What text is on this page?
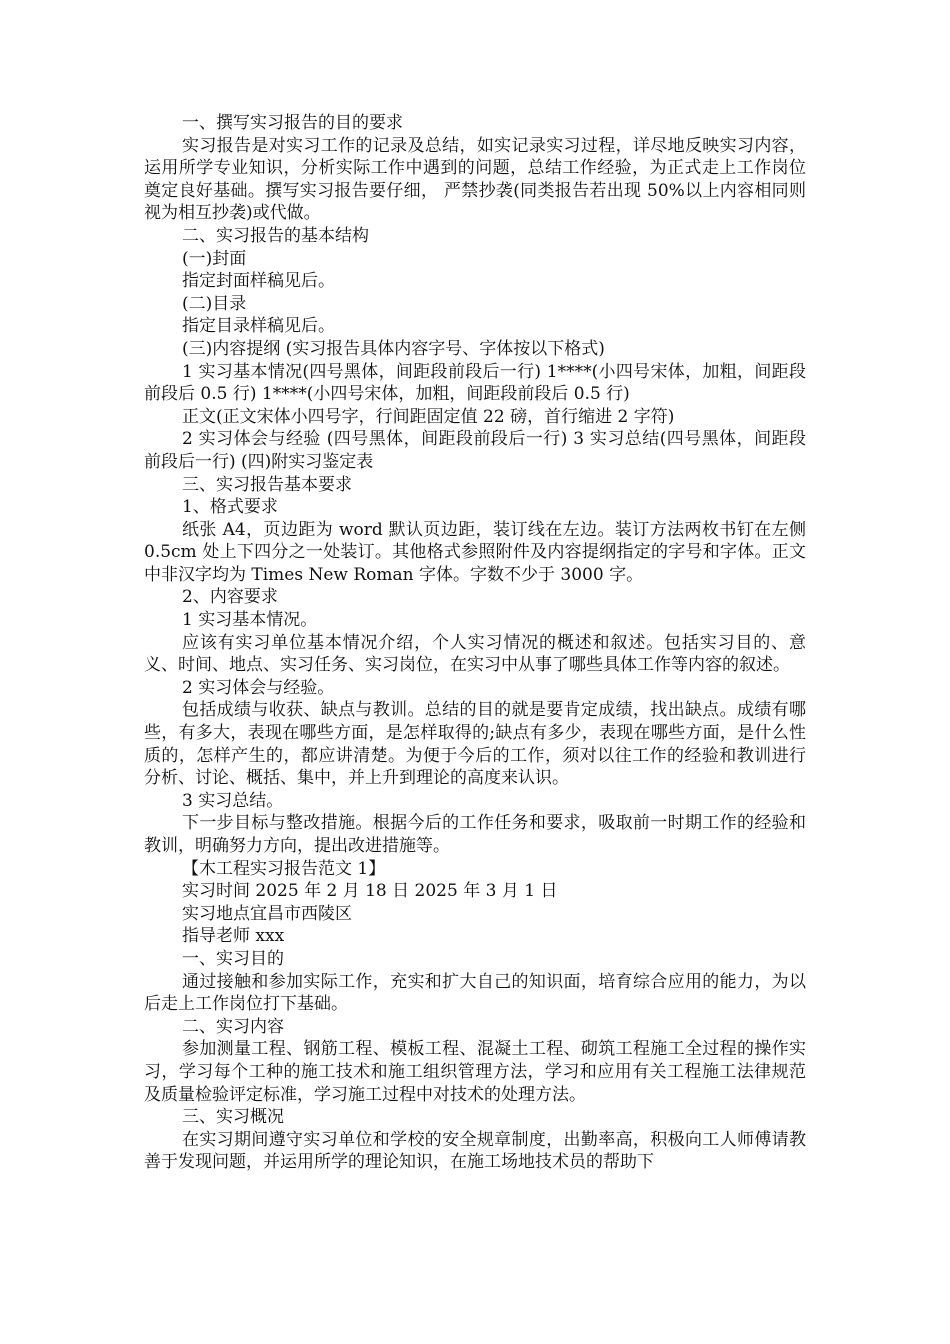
一、撰写实习报告的目的要求

实习报告是对实习工作的记录及总结，如实记录实习过程，详尽地反映实习内容，运用所学专业知识，分析实际工作中遇到的问题，总结工作经验，为正式走上工作岗位奠定良好基础。撰写实习报告要仔细， 严禁抄袭(同类报告若出现 50%以上内容相同则视为相互抄袭)或代做。

二、实习报告的基本结构

(一)封面

指定封面样稿见后。

(二)目录

指定目录样稿见后。

(三)内容提纲 (实习报告具体内容字号、字体按以下格式)

1 实习基本情况(四号黑体，间距段前段后一行) 1****(小四号宋体，加粗，间距段前段后 0.5 行) 1****(小四号宋体，加粗，间距段前段后 0.5 行)

正文(正文宋体小四号字，行间距固定值 22 磅，首行缩进 2 字符)

2 实习体会与经验 (四号黑体，间距段前段后一行) 3 实习总结(四号黑体，间距段前段后一行) (四)附实习鉴定表

三、实习报告基本要求

1、格式要求

纸张 A4，页边距为 word 默认页边距，装订线在左边。装订方法两枚书钉在左侧 0.5cm 处上下四分之一处装订。其他格式参照附件及内容提纲指定的字号和字体。正文中非汉字均为 Times New Roman 字体。字数不少于 3000 字。

2、内容要求

1 实习基本情况。

应该有实习单位基本情况介绍，个人实习情况的概述和叙述。包括实习目的、意义、时间、地点、实习任务、实习岗位，在实习中从事了哪些具体工作等内容的叙述。

2 实习体会与经验。

包括成绩与收获、缺点与教训。总结的目的就是要肯定成绩，找出缺点。成绩有哪些，有多大，表现在哪些方面，是怎样取得的;缺点有多少，表现在哪些方面，是什么性质的，怎样产生的，都应讲清楚。为便于今后的工作，须对以往工作的经验和教训进行分析、讨论、概括、集中，并上升到理论的高度来认识。

3 实习总结。

下一步目标与整改措施。根据今后的工作任务和要求，吸取前一时期工作的经验和教训，明确努力方向，提出改进措施等。

【木工程实习报告范文 1】

实习时间 2025 年 2 月 18 日 2025 年 3 月 1 日

实习地点宜昌市西陵区

指导老师 xxx

一、实习目的

通过接触和参加实际工作，充实和扩大自己的知识面，培育综合应用的能力，为以后走上工作岗位打下基础。

二、实习内容

参加测量工程、钢筋工程、模板工程、混凝土工程、砌筑工程施工全过程的操作实习，学习每个工种的施工技术和施工组织管理方法，学习和应用有关工程施工法律规范及质量检验评定标准，学习施工过程中对技术的处理方法。

三、实习概况

在实习期间遵守实习单位和学校的安全规章制度，出勤率高，积极向工人师傅请教善于发现问题，并运用所学的理论知识，在施工场地技术员的帮助下
